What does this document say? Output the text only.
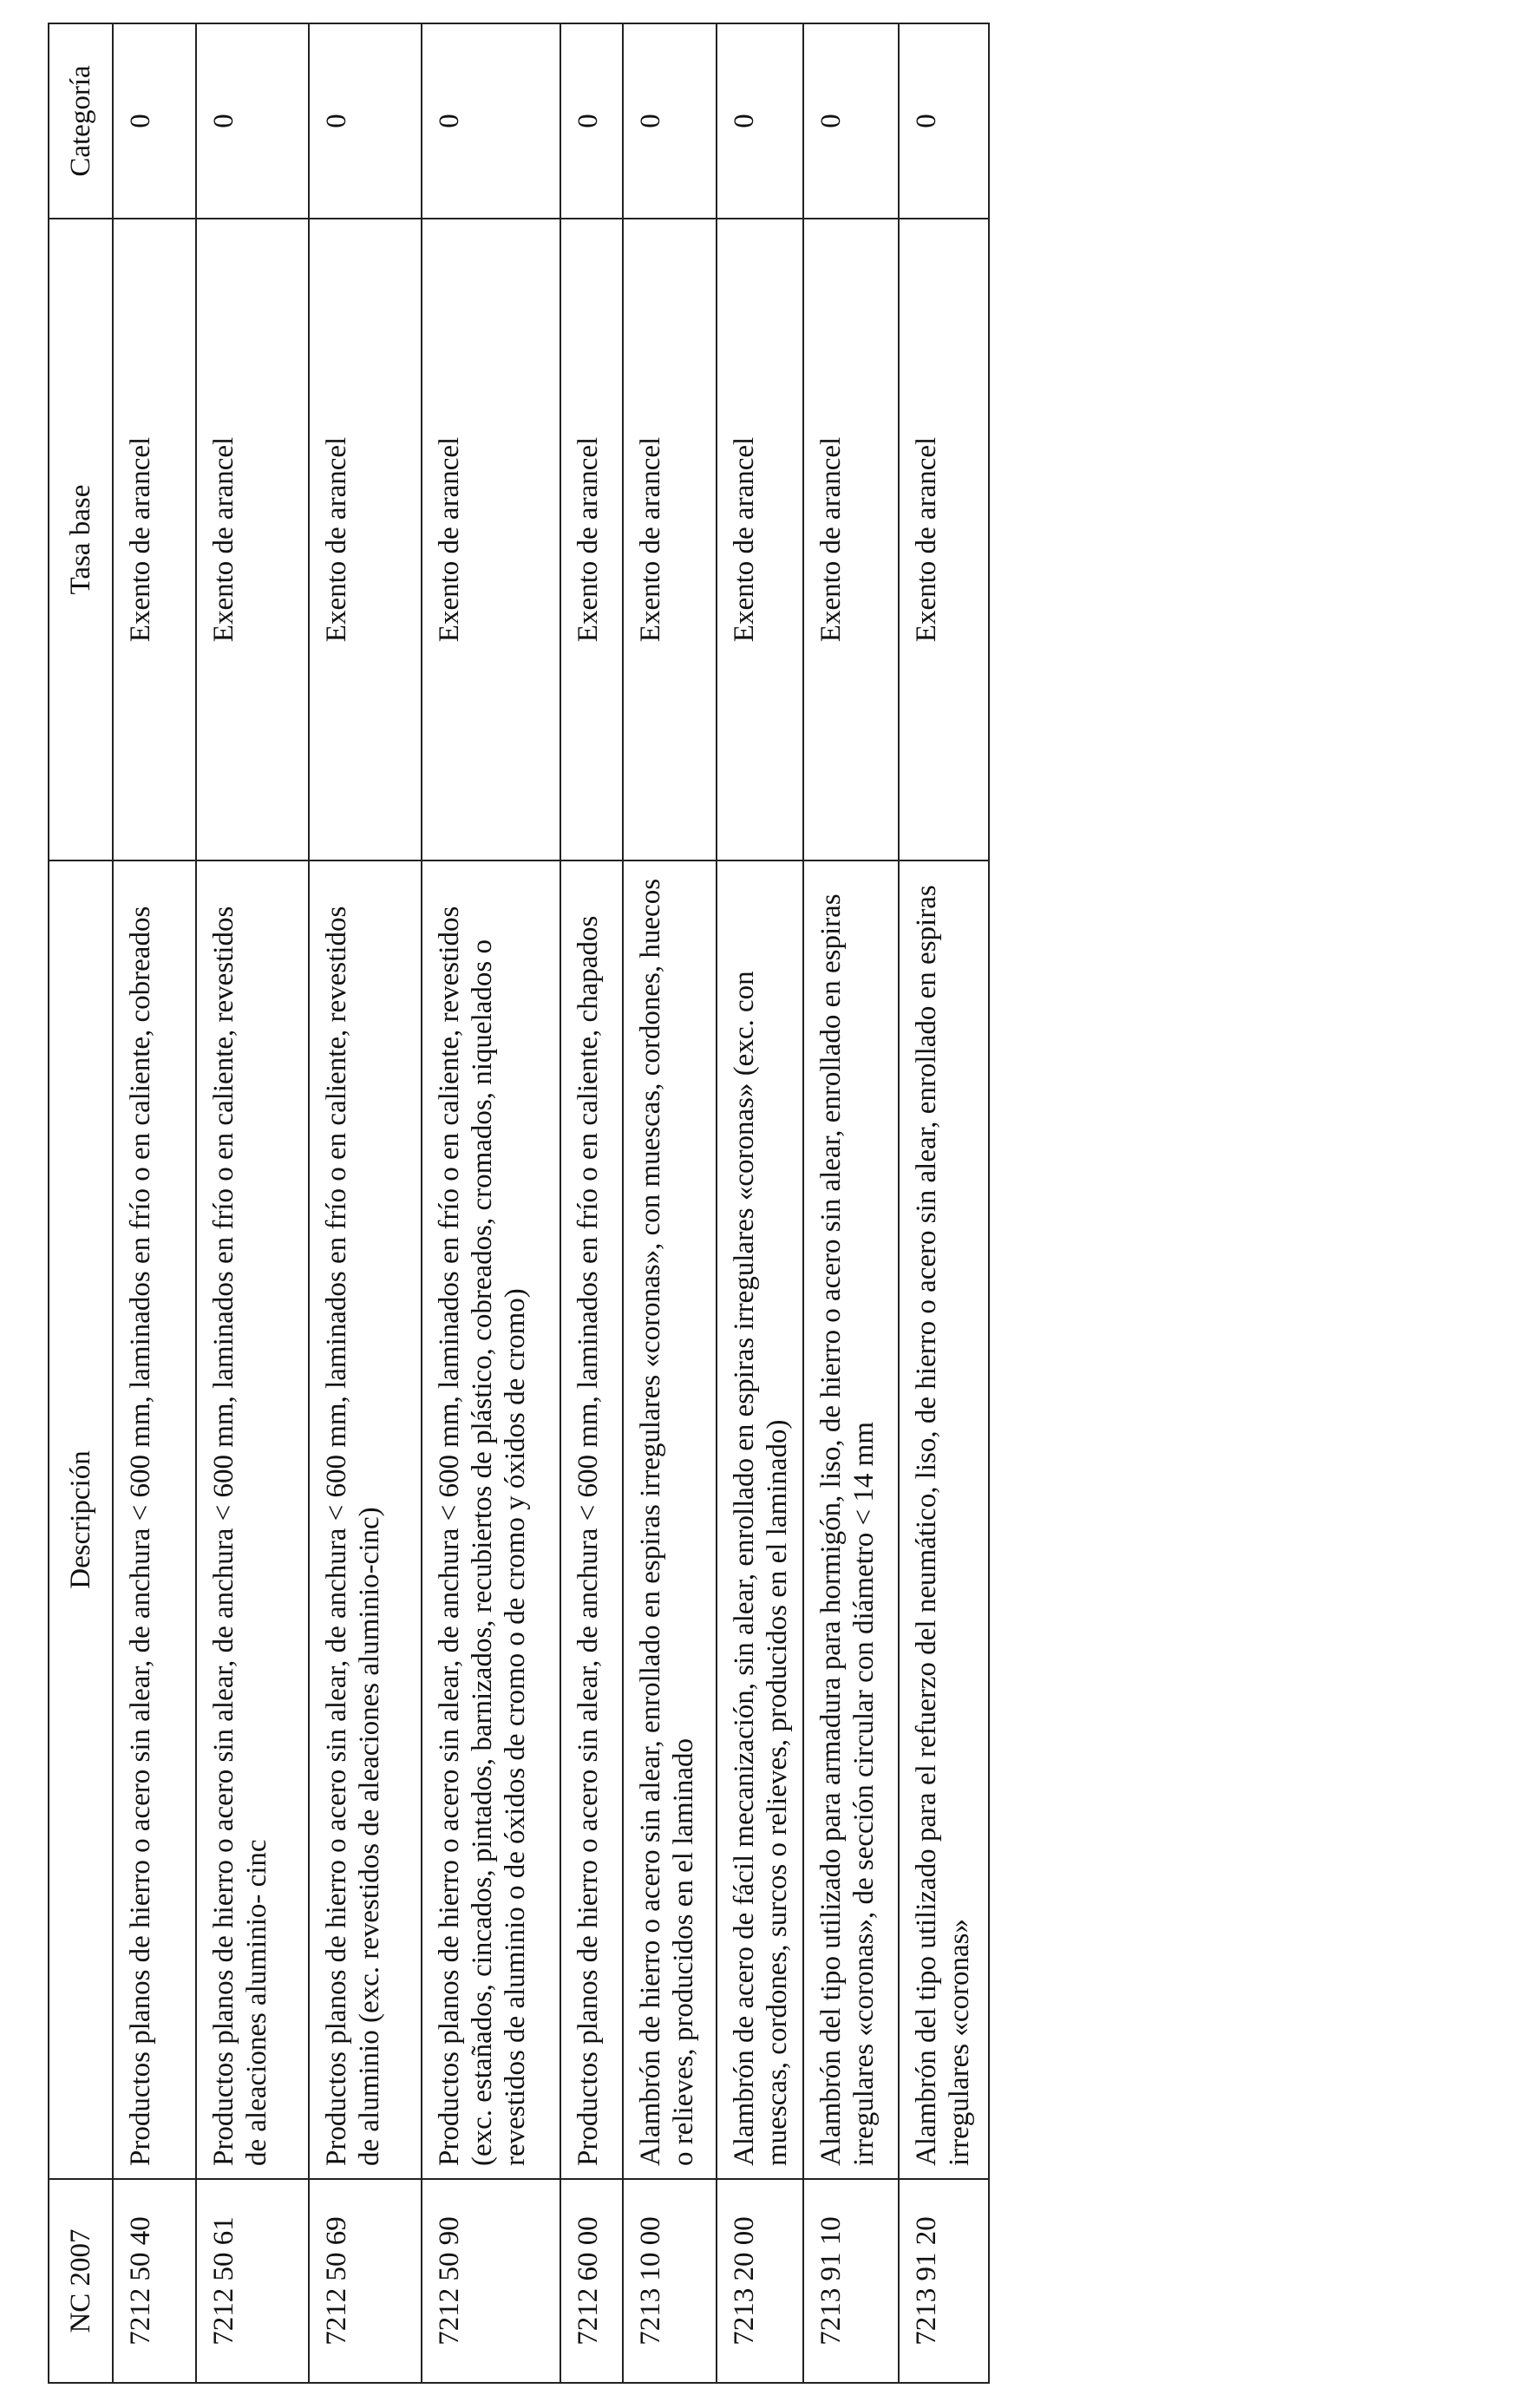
NC 2007	Descripción	Tasa base	Categoría
7212 50 40	Productos planos de hierro o acero sin alear, de anchura < 600 mm, laminados en frío o en caliente, cobreados	Exento de arancel	0
7212 50 61	Productos planos de hierro o acero sin alear, de anchura < 600 mm, laminados en frío o en caliente, revestidos de aleaciones aluminio- cinc	Exento de arancel	0
7212 50 69	Productos planos de hierro o acero sin alear, de anchura < 600 mm, laminados en frío o en caliente, revestidos de aluminio (exc. revestidos de aleaciones aluminio-cinc)	Exento de arancel	0
7212 50 90	Productos planos de hierro o acero sin alear, de anchura < 600 mm, laminados en frío o en caliente, revestidos (exc. estañados, cincados, pintados, barnizados, recubiertos de plástico, cobreados, cromados, niquelados o revestidos de aluminio o de óxidos de cromo o de cromo y óxidos de cromo)	Exento de arancel	0
7212 60 00	Productos planos de hierro o acero sin alear, de anchura < 600 mm, laminados en frío o en caliente, chapados	Exento de arancel	0
7213 10 00	Alambrón de hierro o acero sin alear, enrollado en espiras irregulares «coronas», con muescas, cordones, huecos o relieves, producidos en el laminado	Exento de arancel	0
7213 20 00	Alambrón de acero de fácil mecanización, sin alear, enrollado en espiras irregulares «coronas» (exc. con muescas, cordones, surcos o relieves, producidos en el laminado)	Exento de arancel	0
7213 91 10	Alambrón del tipo utilizado para armadura para hormigón, liso, de hierro o acero sin alear, enrollado en espiras irregulares «coronas», de sección circular con diámetro < 14 mm	Exento de arancel	0
7213 91 20	Alambrón del tipo utilizado para el refuerzo del neumático, liso, de hierro o acero sin alear, enrollado en espiras irregulares «coronas»	Exento de arancel	0
